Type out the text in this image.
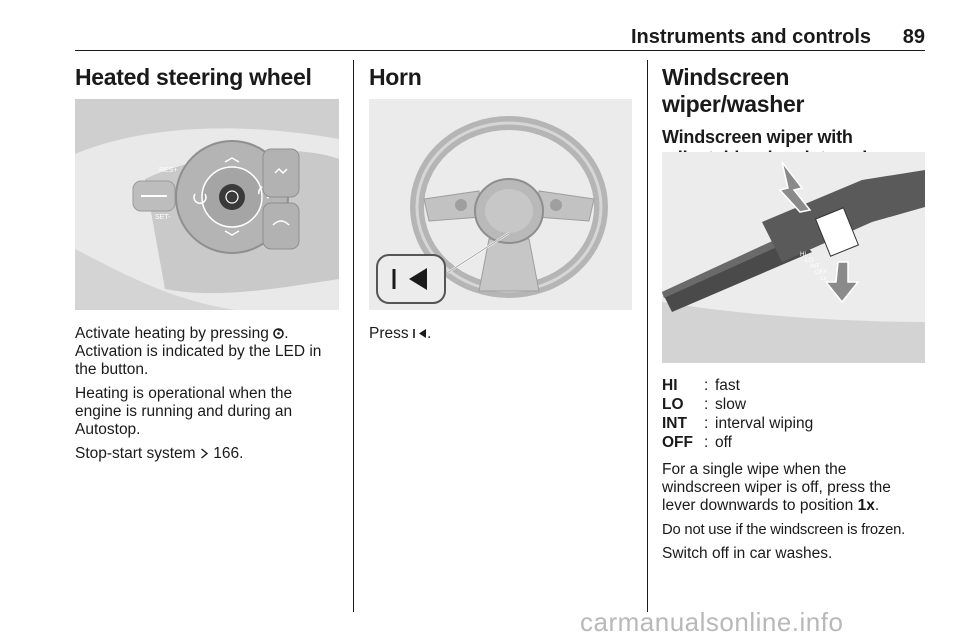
Instruments and controls 89
Heated steering wheel
RES+
SET-

Activate heating by pressing . Activation is indicated by the LED in the button.

Heating is operational when the engine is running and during an Autostop.

Stop-start system 166.

Horn

Press .

Windscreen wiper/washer
Windscreen wiper with
HI
LO
INT
OFF
1x
HI	: fast
LO	: slow
INT	: interval wiping
OFF : off

For a single wipe when the windscreen wiper is off, press the lever downwards to position 1x.

Do not use if the windscreen is frozen.

Switch off in car washes.

carmanualsonline.info
